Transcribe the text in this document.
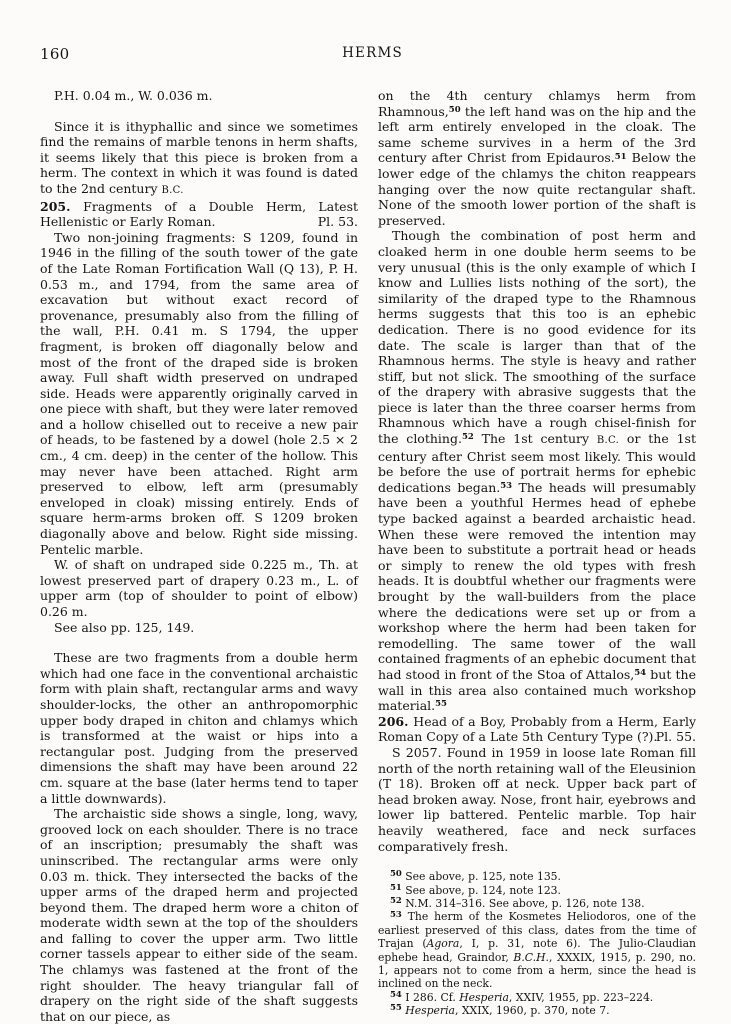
160	HERMS

P.H. 0.04 m., W. 0.036 m.

Since it is ithyphallic and since we sometimes find the remains of marble tenons in herm shafts, it seems likely that this piece is broken from a herm. The context in which it was found is dated to the 2nd century B.C.

Pl. 53.
205. Fragments of a Double Herm, Latest Hellenistic or Early Roman.

Two non-joining fragments: S 1209, found in 1946 in the filling of the south tower of the gate of the Late Roman Fortification Wall (Q 13), P. H. 0.53 m., and 1794, from the same area of excavation but without exact record of provenance, presumably also from the filling of the wall, P.H. 0.41 m. S 1794, the upper fragment, is broken off diagonally below and most of the front of the draped side is broken away. Full shaft width preserved on undraped side. Heads were apparently originally carved in one piece with shaft, but they were later removed and a hollow chiselled out to receive a new pair of heads, to be fastened by a dowel (hole 2.5 × 2 cm., 4 cm. deep) in the center of the hollow. This may never have been attached. Right arm preserved to elbow, left arm (presumably enveloped in cloak) missing entirely. Ends of square herm-arms broken off. S 1209 broken diagonally above and below. Right side missing. Pentelic marble.

W. of shaft on undraped side 0.225 m., Th. at lowest preserved part of drapery 0.23 m., L. of upper arm (top of shoulder to point of elbow) 0.26 m.

See also pp. 125, 149.

These are two fragments from a double herm which had one face in the conventional archaistic form with plain shaft, rectangular arms and wavy shoulder-locks, the other an anthropomorphic upper body draped in chiton and chlamys which is transformed at the waist or hips into a rectangular post. Judging from the preserved dimensions the shaft may have been around 22 cm. square at the base (later herms tend to taper a little downwards).

The archaistic side shows a single, long, wavy, grooved lock on each shoulder. There is no trace of an inscription; presumably the shaft was uninscribed. The rectangular arms were only 0.03 m. thick. They intersected the backs of the upper arms of the draped herm and projected beyond them. The draped herm wore a chiton of moderate width sewn at the top of the shoulders and falling to cover the upper arm. Two little corner tassels appear to either side of the seam. The chlamys was fastened at the front of the right shoulder. The heavy triangular fall of drapery on the right side of the shaft suggests that on our piece, as

on the 4th century chlamys herm from Rhamnous,$^{50}$ the left hand was on the hip and the left arm entirely enveloped in the cloak. The same scheme survives in a herm of the 3rd century after Christ from Epidauros.$^{51}$ Below the lower edge of the chlamys the chiton reappears hanging over the now quite rectangular shaft. None of the smooth lower portion of the shaft is preserved.

Though the combination of post herm and cloaked herm in one double herm seems to be very unusual (this is the only example of which I know and Lullies lists nothing of the sort), the similarity of the draped type to the Rhamnous herms suggests that this too is an ephebic dedication. There is no good evidence for its date. The scale is larger than that of the Rhamnous herms. The style is heavy and rather stiff, but not slick. The smoothing of the surface of the drapery with abrasive suggests that the piece is later than the three coarser herms from Rhamnous which have a rough chisel-finish for the clothing.$^{52}$ The 1st century B.C. or the 1st century after Christ seem most likely. This would be before the use of portrait herms for ephebic dedications began.$^{53}$ The heads will presumably have been a youthful Hermes head of ephebe type backed against a bearded archaistic head. When these were removed the intention may have been to substitute a portrait head or heads or simply to renew the old types with fresh heads. It is doubtful whether our fragments were brought by the wall-builders from the place where the dedications were set up or from a workshop where the herm had been taken for remodelling. The same tower of the wall contained fragments of an ephebic document that had stood in front of the Stoa of Attalos,$^{54}$ but the wall in this area also contained much workshop material.$^{55}$

Pl. 55.
206. Head of a Boy, Probably from a Herm, Early Roman Copy of a Late 5th Century Type (?).

S 2057. Found in 1959 in loose late Roman fill north of the north retaining wall of the Eleusinion (T 18). Broken off at neck. Upper back part of head broken away. Nose, front hair, eyebrows and lower lip battered. Pentelic marble. Top hair heavily weathered, face and neck surfaces comparatively fresh.

$^{50}$ See above, p. 125, note 135.

$^{51}$ See above, p. 124, note 123.

$^{52}$ N.M. 314–316. See above, p. 126, note 138.

$^{53}$ The herm of the Kosmetes Heliodoros, one of the earliest preserved of this class, dates from the time of Trajan (Agora, I, p. 31, note 6). The Julio-Claudian ephebe head, Graindor, B.C.H., XXXIX, 1915, p. 290, no. 1, appears not to come from a herm, since the head is inclined on the neck.

$^{54}$ I 286. Cf. Hesperia, XXIV, 1955, pp. 223–224.

$^{55}$ Hesperia, XXIX, 1960, p. 370, note 7.
